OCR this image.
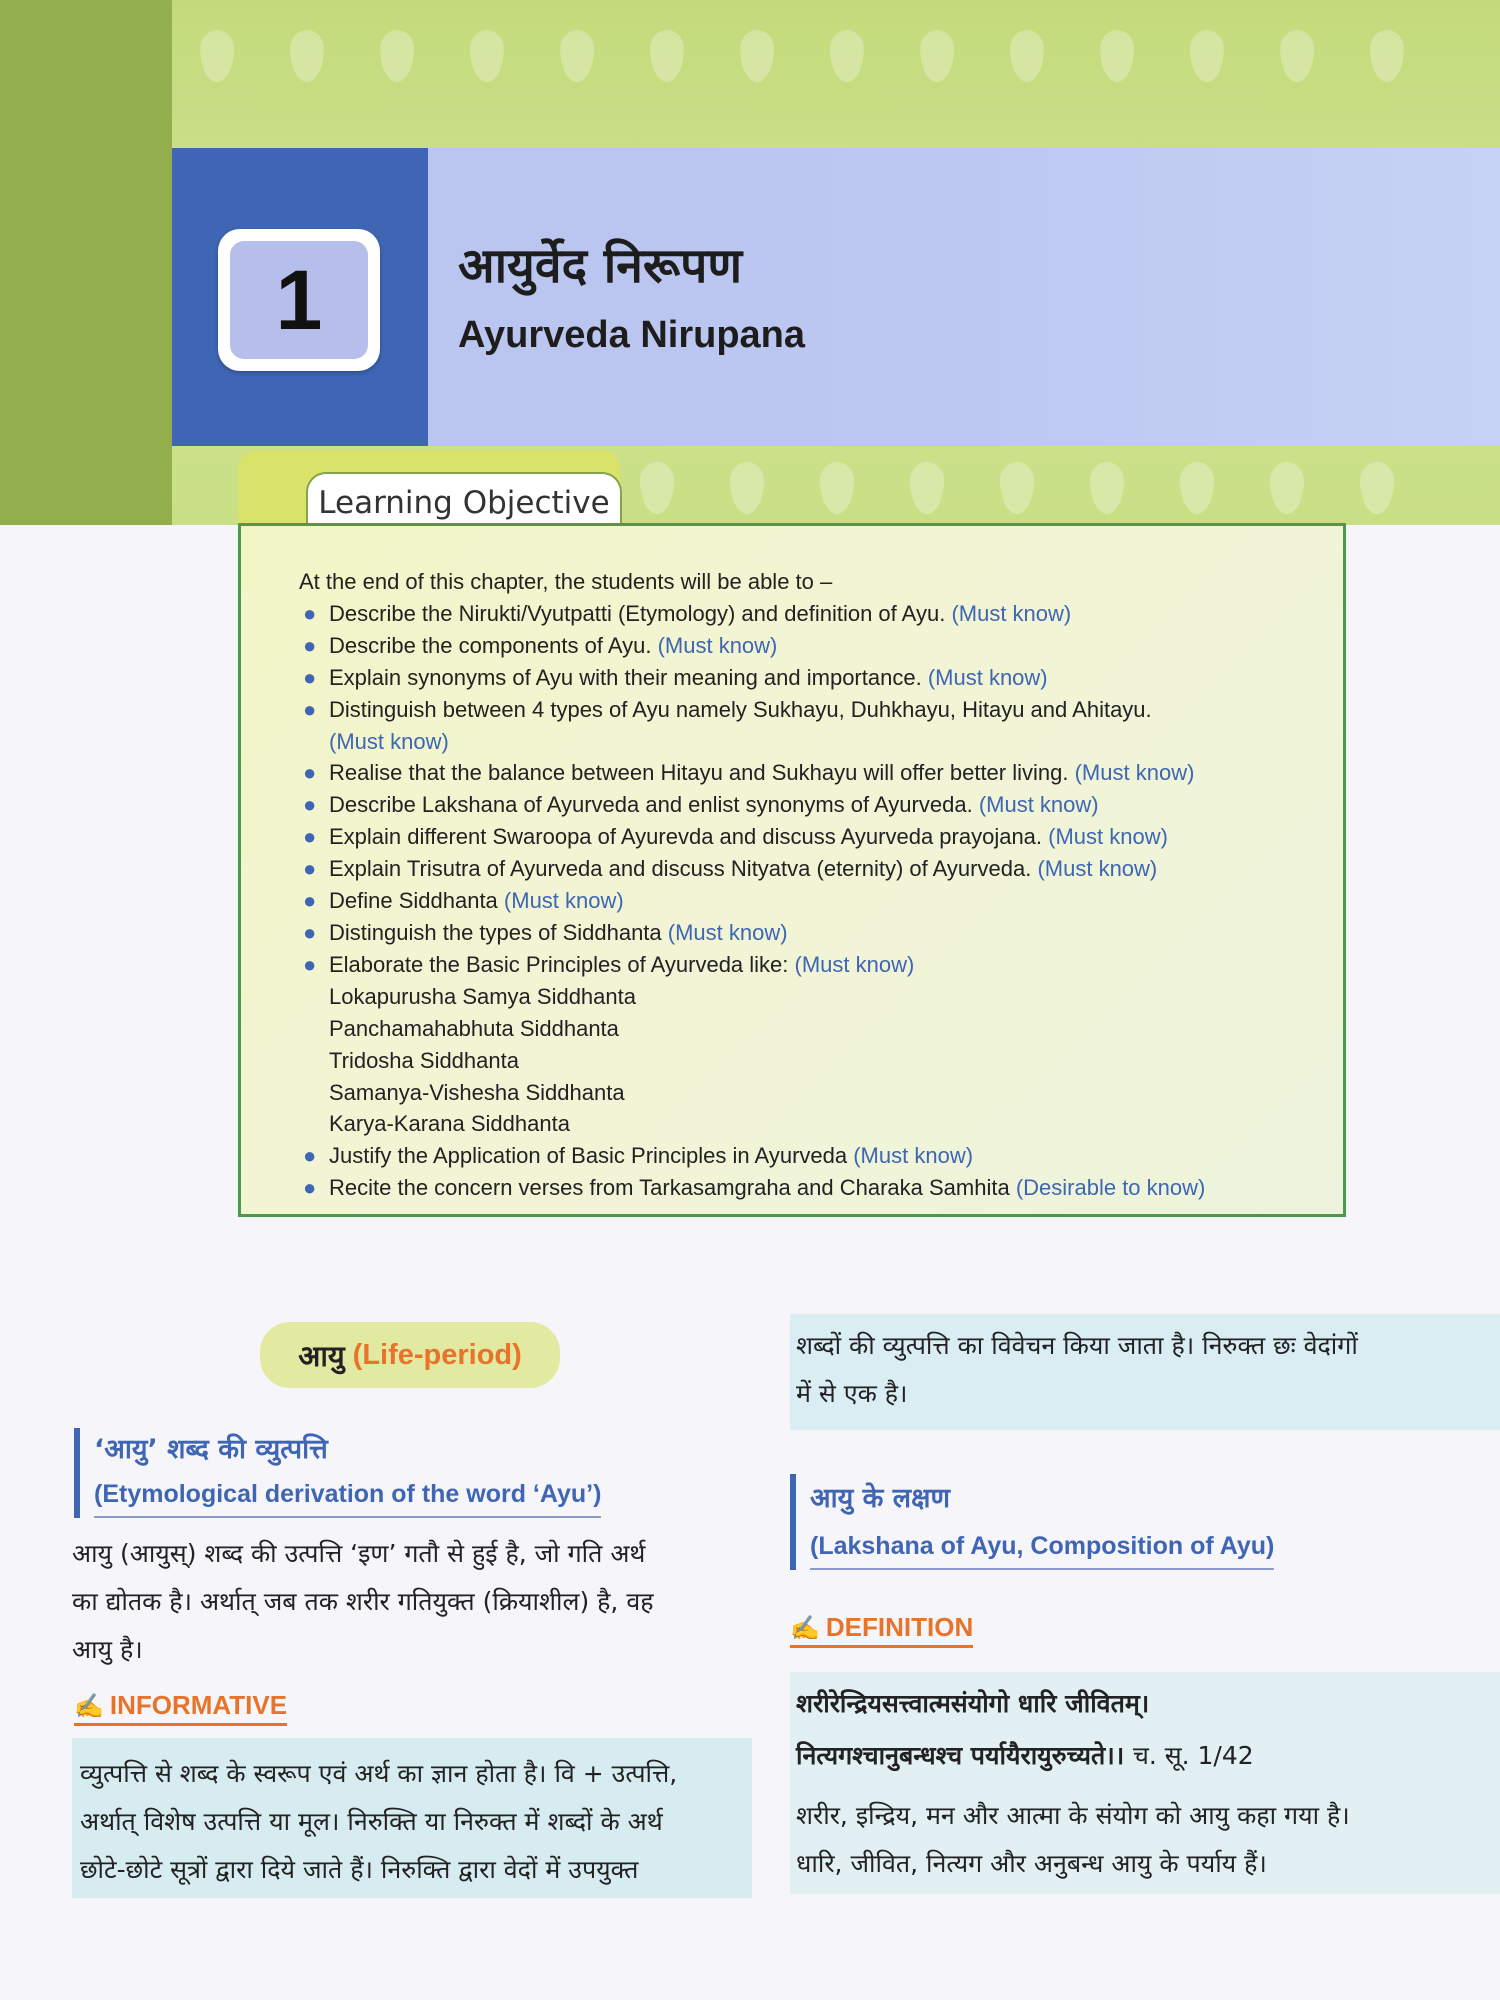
1	आयुर्वेद निरूपण
Ayurveda Nirupana
Learning Objective
At the end of this chapter, the students will be able to –
● Describe the Nirukti/Vyutpatti (Etymology) and definition of Ayu. (Must know)
● Describe the components of Ayu. (Must know)
● Explain synonyms of Ayu with their meaning and importance. (Must know)
● Distinguish between 4 types of Ayu namely Sukhayu, Duhkhayu, Hitayu and Ahitayu.
(Must know)
● Realise that the balance between Hitayu and Sukhayu will offer better living. (Must know)
● Describe Lakshana of Ayurveda and enlist synonyms of Ayurveda. (Must know)
● Explain different Swaroopa of Ayurevda and discuss Ayurveda prayojana. (Must know)
● Explain Trisutra of Ayurveda and discuss Nityatva (eternity) of Ayurveda. (Must know)
● Define Siddhanta (Must know)
● Distinguish the types of Siddhanta (Must know)
● Elaborate the Basic Principles of Ayurveda like: (Must know)
Lokapurusha Samya Siddhanta
Panchamahabhuta Siddhanta
Tridosha Siddhanta
Samanya-Vishesha Siddhanta
Karya-Karana Siddhanta
● Justify the Application of Basic Principles in Ayurveda (Must know)
● Recite the concern verses from Tarkasamgraha and Charaka Samhita (Desirable to know)
आयु (Life-period)
‘आयु’ शब्द की व्युत्पत्ति
(Etymological derivation of the word ‘Ayu’)
आयु (आयुस्) शब्द की उत्पत्ति ‘इण’ गतौ से हुई है, जो गति अर्थ
का द्योतक है। अर्थात् जब तक शरीर गतियुक्त (क्रियाशील) है, वह
आयु है।
✍ INFORMATIVE
व्युत्पत्ति से शब्द के स्वरूप एवं अर्थ का ज्ञान होता है। वि + उत्पत्ति,
अर्थात् विशेष उत्पत्ति या मूल। निरुक्ति या निरुक्त में शब्दों के अर्थ
छोटे-छोटे सूत्रों द्वारा दिये जाते हैं। निरुक्ति द्वारा वेदों में उपयुक्त
शब्दों की व्युत्पत्ति का विवेचन किया जाता है। निरुक्त छः वेदांगों
में से एक है।
आयु के लक्षण
(Lakshana of Ayu, Composition of Ayu)
✍ DEFINITION
शरीरेन्द्रियसत्त्वात्मसंयोगो धारि जीवितम्।
नित्यगश्चानुबन्धश्च पर्यायैरायुरुच्यते।। च. सू. 1/42
शरीर, इन्द्रिय, मन और आत्मा के संयोग को आयु कहा गया है।
धारि, जीवित, नित्यग और अनुबन्ध आयु के पर्याय हैं।
